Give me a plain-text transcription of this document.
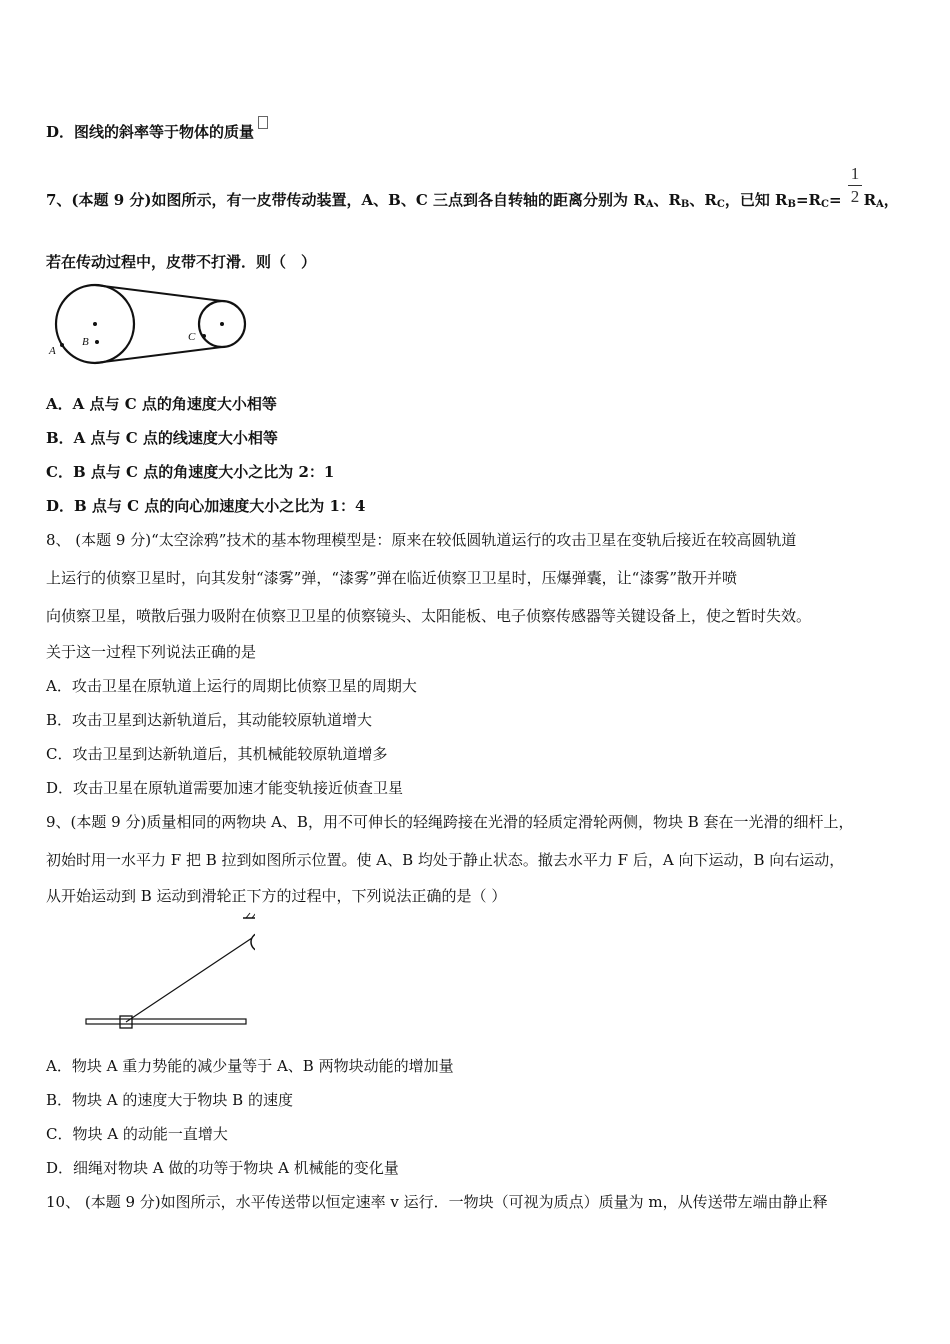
D．图线的斜率等于物体的质量
7、(本题 9 分)如图所示，有一皮带传动装置，A、B、C 三点到各自转轴的距离分别为 $R_A$、$R_B$、$R_C$，已知 $R_B=R_C= R_A$，
1
2
若在传动过程中，皮带不打滑．则（　）
A
B	C
A．A 点与 C 点的角速度大小相等
B．A 点与 C 点的线速度大小相等
C．B 点与 C 点的角速度大小之比为 2：1
D．B 点与 C 点的向心加速度大小之比为 1：4
8、 (本题 9 分)“太空涂鸦”技术的基本物理模型是：原来在较低圆轨道运行的攻击卫星在变轨后接近在较高圆轨道
上运行的侦察卫星时，向其发射“漆雾”弹，“漆雾”弹在临近侦察卫卫星时，压爆弹囊，让“漆雾”散开并喷
向侦察卫星，喷散后强力吸附在侦察卫卫星的侦察镜头、太阳能板、电子侦察传感器等关键设备上，使之暂时失效。
关于这一过程下列说法正确的是
A．攻击卫星在原轨道上运行的周期比侦察卫星的周期大
B．攻击卫星到达新轨道后，其动能较原轨道增大
C．攻击卫星到达新轨道后，其机械能较原轨道增多
D．攻击卫星在原轨道需要加速才能变轨接近侦查卫星
9、(本题 9 分)质量相同的两物块 A、B，用不可伸长的轻绳跨接在光滑的轻质定滑轮两侧，物块 B 套在一光滑的细杆上，
初始时用一水平力 F 把 B 拉到如图所示位置。使 A、B 均处于静止状态。撤去水平力 F 后，A 向下运动，B 向右运动，
从开始运动到 B 运动到滑轮正下方的过程中，下列说法正确的是（ ）
A．物块 A 重力势能的减少量等于 A、B 两物块动能的增加量
B．物块 A 的速度大于物块 B 的速度
C．物块 A 的动能一直增大
D．细绳对物块 A 做的功等于物块 A 机械能的变化量
10、 (本题 9 分)如图所示，水平传送带以恒定速率 v 运行．一物块（可视为质点）质量为 m，从传送带左端由静止释
